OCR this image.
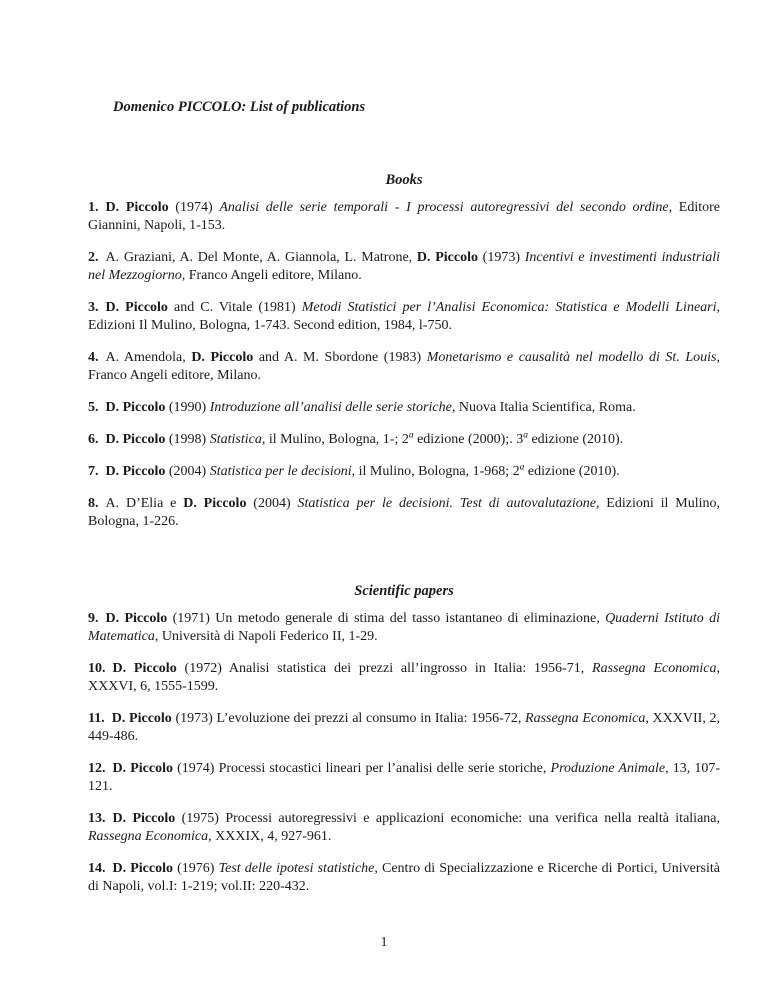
Domenico PICCOLO: List of publications
Books

1.  D. Piccolo (1974) Analisi delle serie temporali - I processi autoregressivi del secondo ordine, Editore Giannini, Napoli, 1-153.

2.  A. Graziani, A. Del Monte, A. Giannola, L. Matrone, D. Piccolo (1973) Incentivi e investimenti industriali nel Mezzogiorno, Franco Angeli editore, Milano.

3.  D. Piccolo and C. Vitale (1981) Metodi Statistici per l’Analisi Economica: Statistica e Modelli Lineari, Edizioni Il Mulino, Bologna, 1-743. Second edition, 1984, l-750.

4.  A. Amendola, D. Piccolo and A. M. Sbordone (1983) Monetarismo e causalità nel modello di St. Louis, Franco Angeli editore, Milano.

5.  D. Piccolo (1990) Introduzione all’analisi delle serie storiche, Nuova Italia Scientifica, Roma.

6.  D. Piccolo (1998) Statistica, il Mulino, Bologna, 1-; 2$^a$ edizione (2000);. 3$^a$ edizione (2010).

7.  D. Piccolo (2004) Statistica per le decisioni, il Mulino, Bologna, 1-968; 2$^a$ edizione (2010).

8.  A. D’Elia e D. Piccolo (2004) Statistica per le decisioni. Test di autovalutazione, Edizioni il Mulino, Bologna, 1-226.

Scientific papers

9.  D. Piccolo (1971) Un metodo generale di stima del tasso istantaneo di eliminazione, Quaderni Istituto di Matematica, Università di Napoli Federico II, 1-29.

10.  D. Piccolo (1972) Analisi statistica dei prezzi all’ingrosso in Italia: 1956-71, Rassegna Economica, XXXVI, 6, 1555-1599.

11.  D. Piccolo (1973) L’evoluzione dei prezzi al consumo in Italia: 1956-72, Rassegna Economica, XXXVII, 2, 449-486.

12.  D. Piccolo (1974) Processi stocastici lineari per l’analisi delle serie storiche, Produzione Animale, 13, 107-121.

13.  D. Piccolo (1975) Processi autoregressivi e applicazioni economiche: una verifica nella realtà italiana, Rassegna Economica, XXXIX, 4, 927-961.

14.  D. Piccolo (1976) Test delle ipotesi statistiche, Centro di Specializzazione e Ricerche di Portici, Università di Napoli, vol.I: 1-219; vol.II: 220-432.

1
